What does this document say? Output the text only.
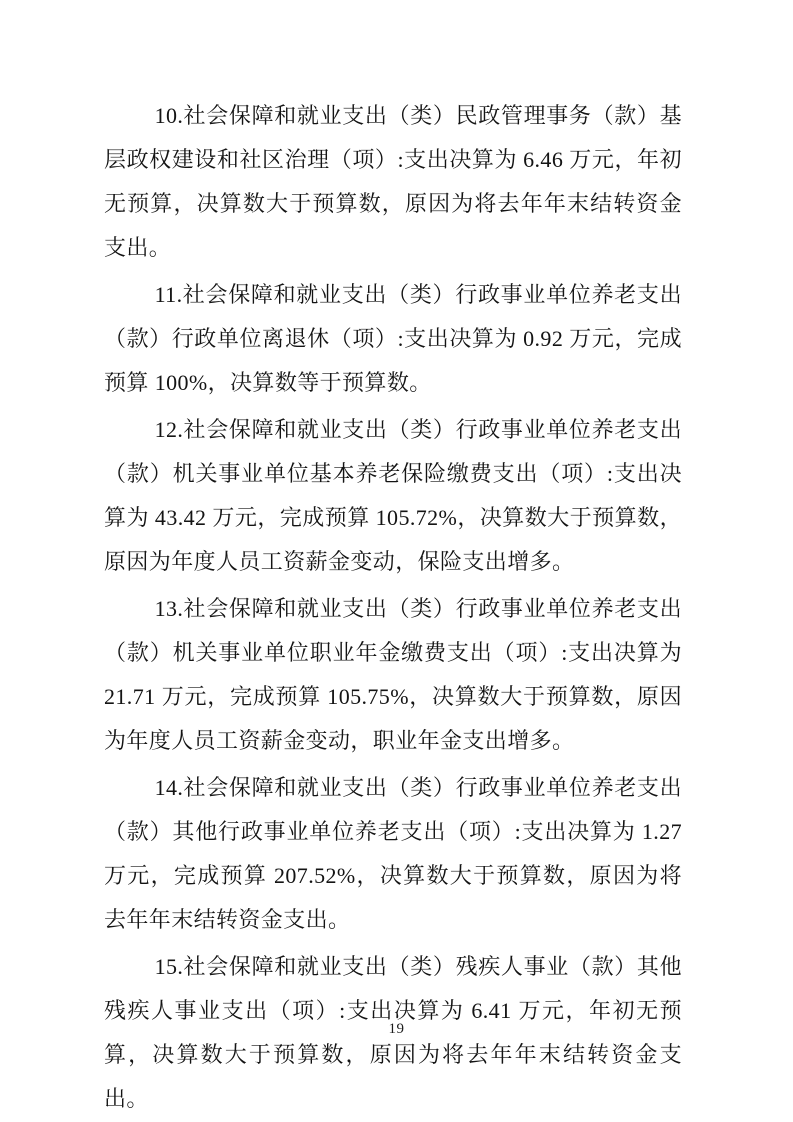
10.社会保障和就业支出（类）民政管理事务（款）基层政权建设和社区治理（项）:支出决算为 6.46 万元，年初无预算，决算数大于预算数，原因为将去年年末结转资金支出。

11.社会保障和就业支出（类）行政事业单位养老支出（款）行政单位离退休（项）:支出决算为 0.92 万元，完成预算 100%，决算数等于预算数。

12.社会保障和就业支出（类）行政事业单位养老支出（款）机关事业单位基本养老保险缴费支出（项）:支出决算为 43.42 万元，完成预算 105.72%，决算数大于预算数，原因为年度人员工资薪金变动，保险支出增多。

13.社会保障和就业支出（类）行政事业单位养老支出（款）机关事业单位职业年金缴费支出（项）:支出决算为 21.71 万元，完成预算 105.75%，决算数大于预算数，原因为年度人员工资薪金变动，职业年金支出增多。

14.社会保障和就业支出（类）行政事业单位养老支出（款）其他行政事业单位养老支出（项）:支出决算为 1.27 万元，完成预算 207.52%，决算数大于预算数，原因为将去年年末结转资金支出。

15.社会保障和就业支出（类）残疾人事业（款）其他残疾人事业支出（项）:支出决算为 6.41 万元，年初无预算，决算数大于预算数，原因为将去年年末结转资金支出。

19
